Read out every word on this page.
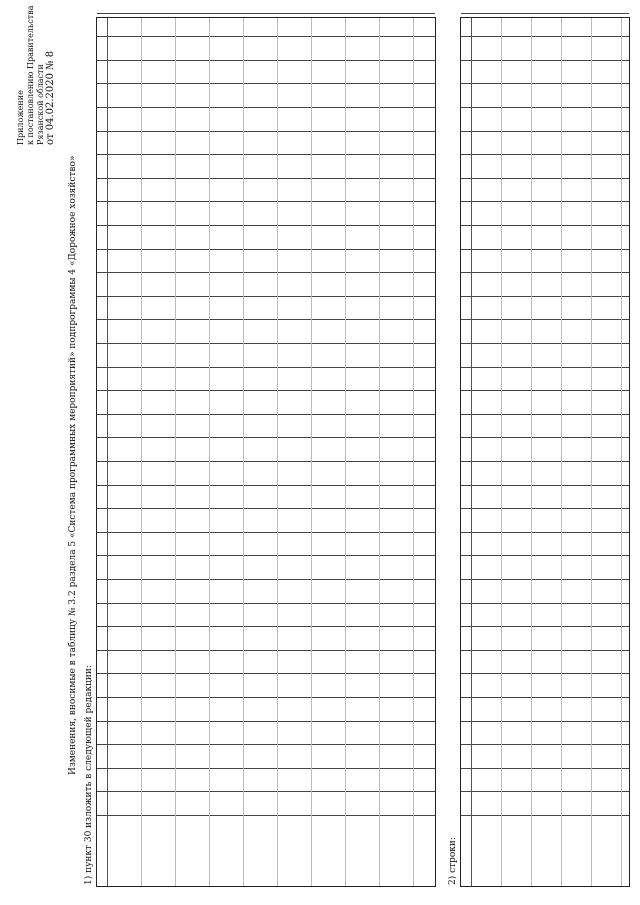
Приложение к постановлению Правительства Рязанской области от 04.02.2020 № 8
Изменения, вносимые в таблицу № 3.2 раздела 5 «Система программных мероприятий» подпрограммы 4 «Дорожное хозяйство»
1) пункт 30 изложить в следующей редакции:	2) строки:
